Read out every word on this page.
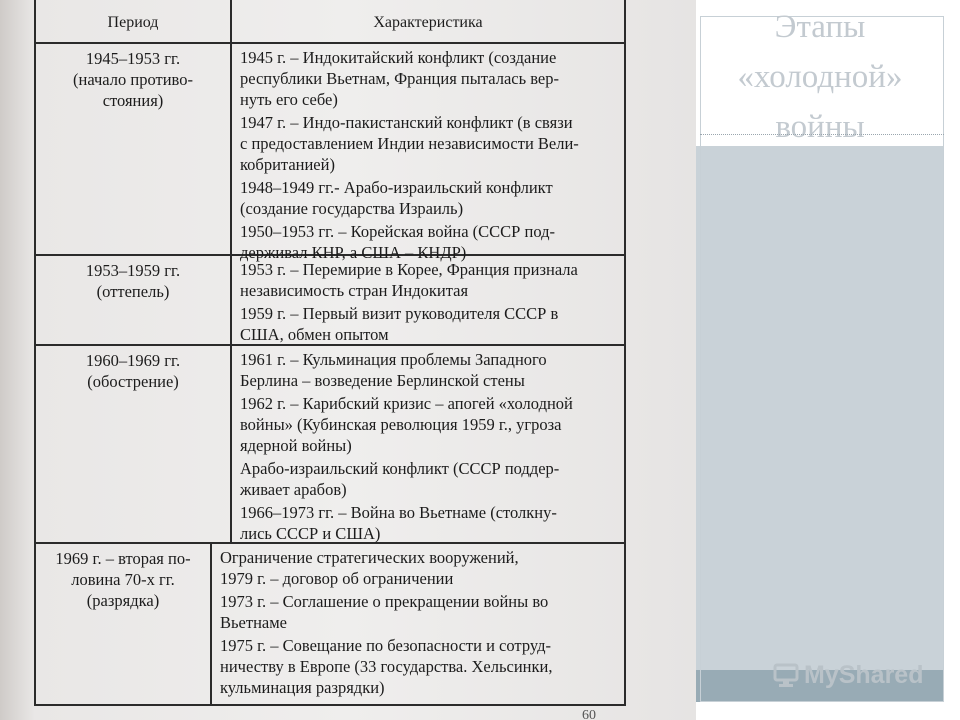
Период	Характеристика
1945–1953 гг.
(начало противо-
стояния)
1945 г. – Индокитайский конфликт (создание
республики Вьетнам, Франция пыталась вер-
нуть его себе)
1947 г. – Индо-пакистанский конфликт (в связи
с предоставлением Индии независимости Вели-
кобританией)
1948–1949 гг.- Арабо-израильский конфликт
(создание государства Израиль)
1950–1953 гг. – Корейская война (СССР под-
держивал КНР, а США – КНДР)
1953–1959 гг.
(оттепель)
1953 г. – Перемирие в Корее, Франция признала
независимость стран Индокитая
1959 г. – Первый визит руководителя СССР в
США, обмен опытом
1960–1969 гг.
(обострение)
1961 г. – Кульминация проблемы Западного
Берлина – возведение Берлинской стены
1962 г. – Карибский кризис – апогей «холодной
войны» (Кубинская революция 1959 г., угроза
ядерной войны)
Арабо-израильский конфликт (СССР поддер-
живает арабов)
1966–1973 гг. – Война во Вьетнаме (столкну-
лись СССР и США)
1969 г. – вторая по-
ловина 70-х гг.
(разрядка)
Ограничение стратегических вооружений,
1979 г. – договор об ограничении
1973 г. – Соглашение о прекращении войны во
Вьетнаме
1975 г. – Совещание по безопасности и сотруд-
ничеству в Европе (33 государства. Хельсинки,
кульминация разрядки)
60
Этапы
«холодной»
войны
MyShared
